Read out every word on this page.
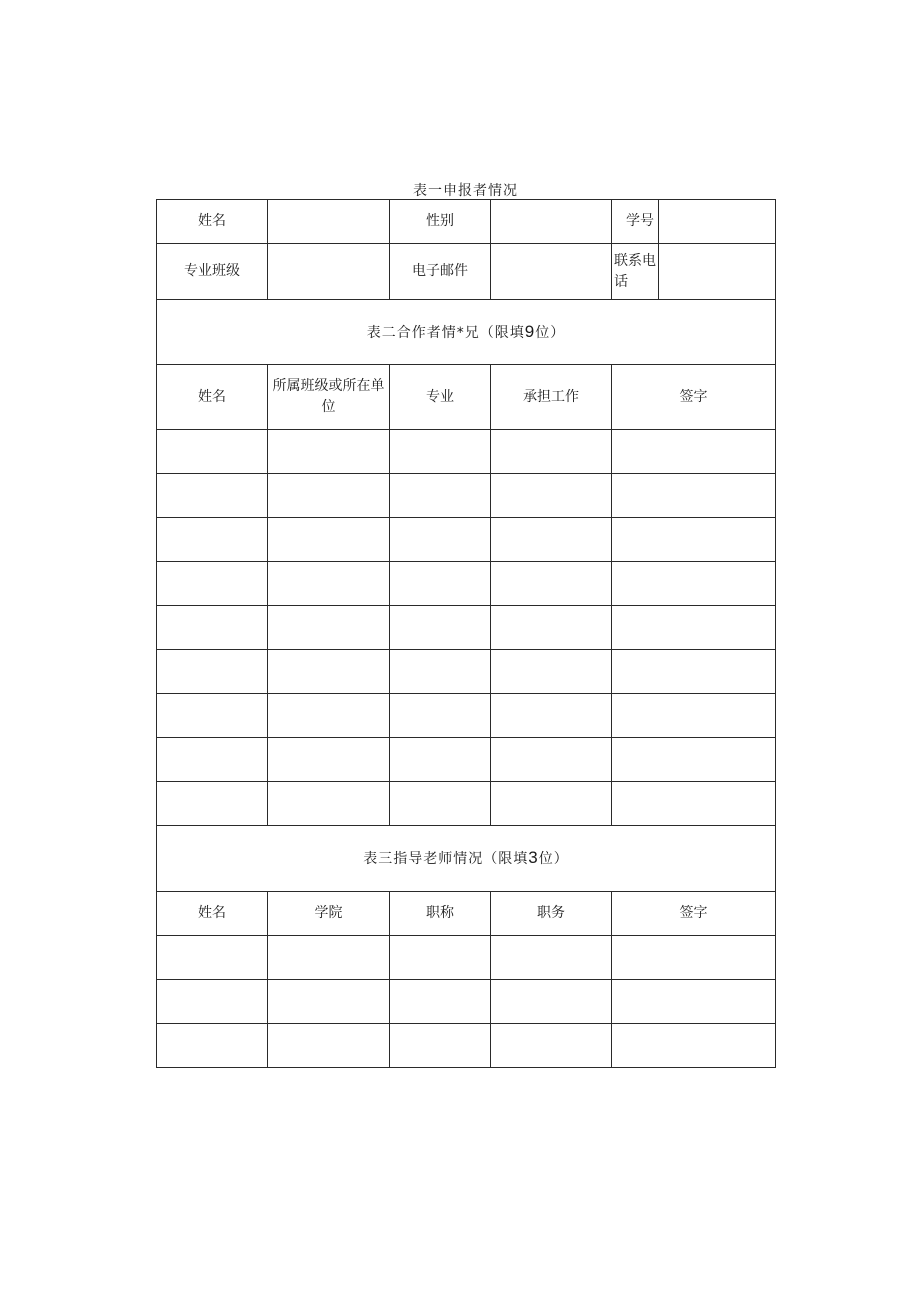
表一申报者情况
姓名		性别		学号	
专业班级		电子邮件		联系电话	
表二合作者情*兄（限填9位）					
姓名	所属班级或所在单位	专业	承担工作	签字	

表三指导老师情况（限填3位）					
姓名	学院	职称	职务	签字	
